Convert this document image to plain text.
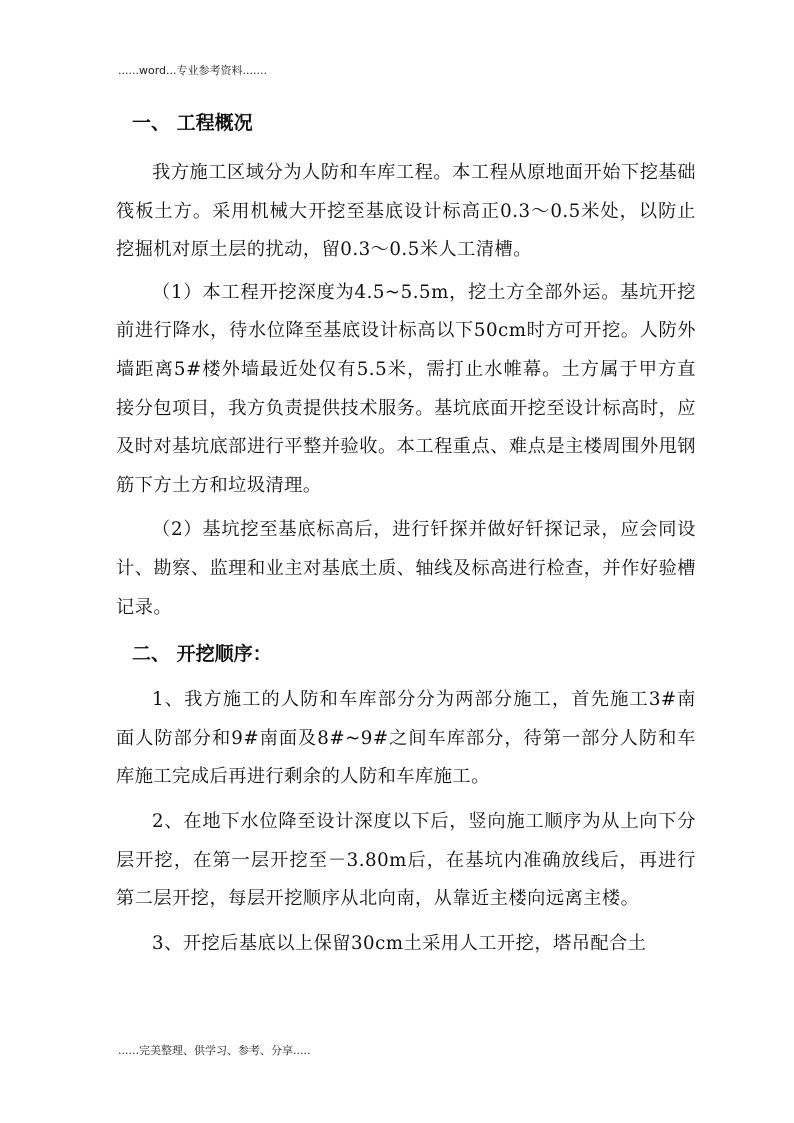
......word...专业参考资料.......
一、 工程概况

我方施工区域分为人防和车库工程。本工程从原地面开始下挖基础筏板土方。采用机械大开挖至基底设计标高正0.3～0.5米处，以防止挖掘机对原土层的扰动，留0.3～0.5米人工清槽。

（1）本工程开挖深度为4.5~5.5m，挖土方全部外运。基坑开挖前进行降水，待水位降至基底设计标高以下50cm时方可开挖。人防外墙距离5#楼外墙最近处仅有5.5米，需打止水帷幕。土方属于甲方直接分包项目，我方负责提供技术服务。基坑底面开挖至设计标高时，应及时对基坑底部进行平整并验收。本工程重点、难点是主楼周围外甩钢筋下方土方和垃圾清理。

（2）基坑挖至基底标高后，进行钎探并做好钎探记录，应会同设计、勘察、监理和业主对基底土质、轴线及标高进行检查，并作好验槽记录。

二、 开挖顺序：

1、我方施工的人防和车库部分分为两部分施工，首先施工3#南面人防部分和9#南面及8#~9#之间车库部分，待第一部分人防和车库施工完成后再进行剩余的人防和车库施工。

2、在地下水位降至设计深度以下后，竖向施工顺序为从上向下分层开挖，在第一层开挖至－3.80m后，在基坑内准确放线后，再进行第二层开挖，每层开挖顺序从北向南，从靠近主楼向远离主楼。

3、开挖后基底以上保留30cm土采用人工开挖，塔吊配合土

......完美整理、供学习、参考、分享.....
